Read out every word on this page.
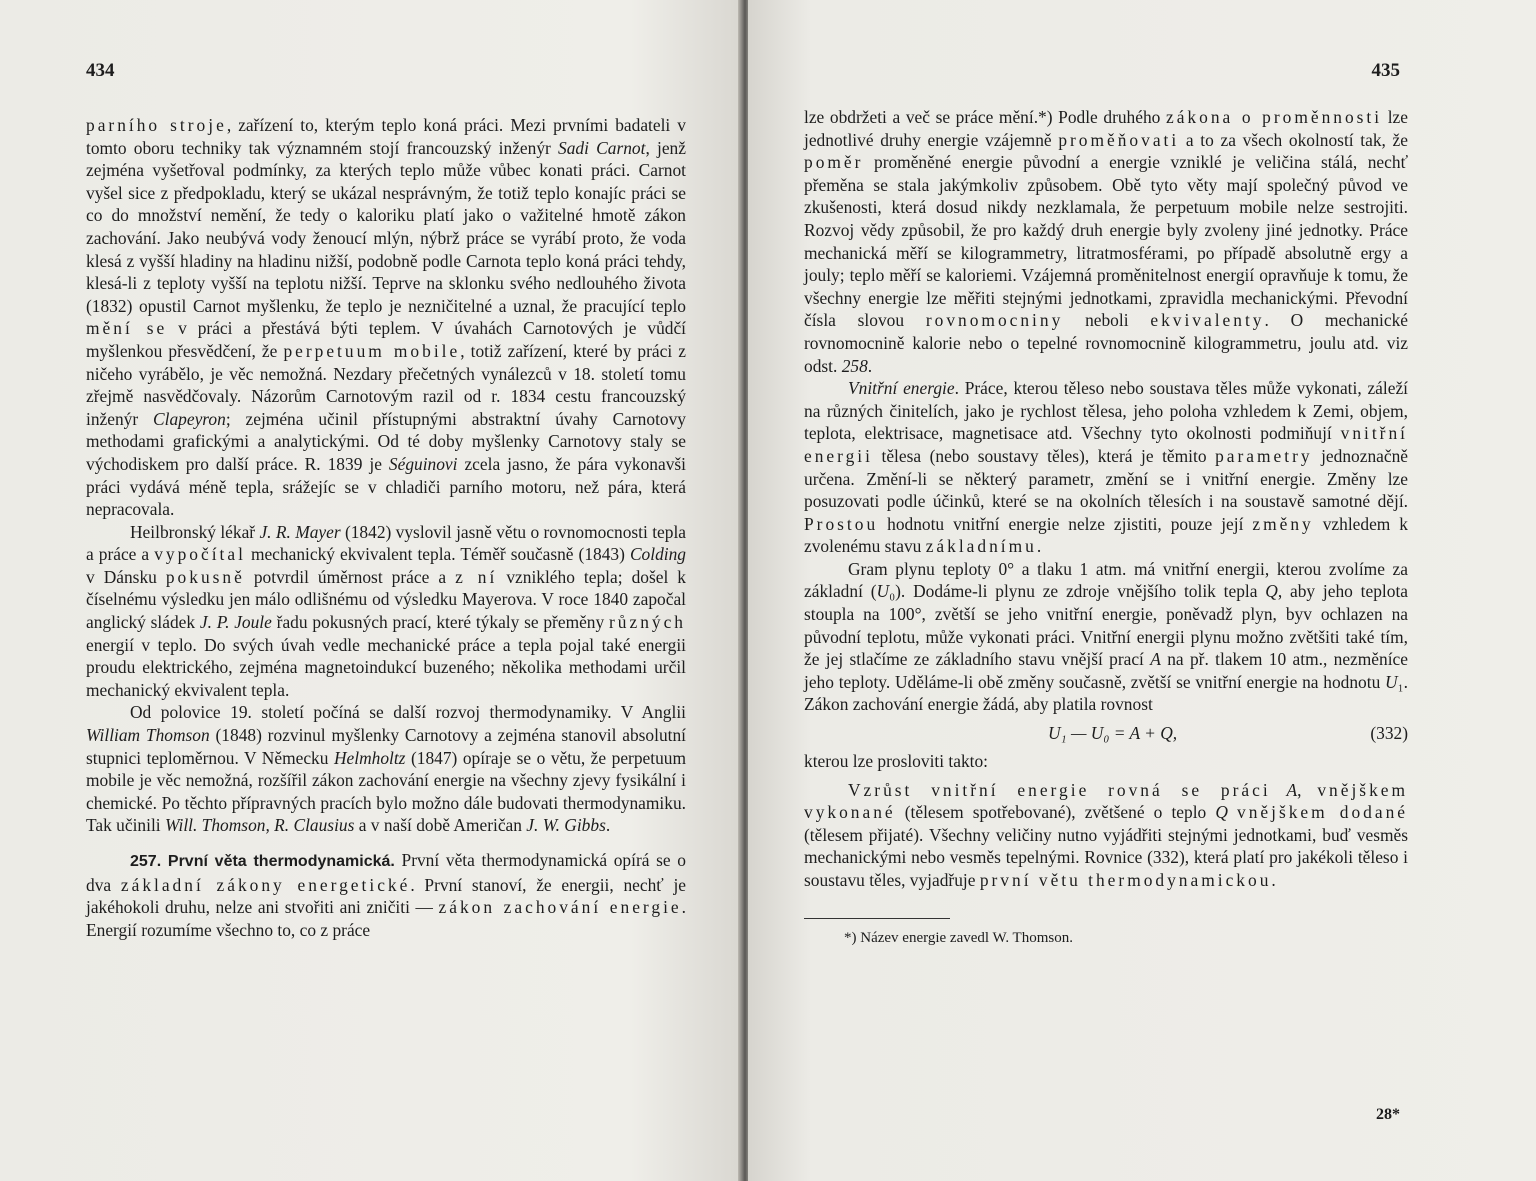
434

parního stroje, zařízení to, kterým teplo koná práci. Mezi prvními badateli v tomto oboru techniky tak významném stojí francouzský inženýr Sadi Carnot, jenž zejména vyšetřoval podmínky, za kterých teplo může vůbec konati práci. Carnot vyšel sice z předpokladu, který se ukázal nesprávným, že totiž teplo konajíc práci se co do množství nemění, že tedy o kaloriku platí jako o važitelné hmotě zákon zachování. Jako neubývá vody ženoucí mlýn, nýbrž práce se vyrábí proto, že voda klesá z vyšší hladiny na hladinu nižší, podobně podle Carnota teplo koná práci tehdy, klesá-li z teploty vyšší na teplotu nižší. Teprve na sklonku svého nedlouhého života (1832) opustil Carnot myšlenku, že teplo je nezničitelné a uznal, že pracující teplo mění se v práci a přestává býti teplem. V úvahách Carnotových je vůdčí myšlenkou přesvědčení, že perpetuum mobile, totiž zařízení, které by práci z ničeho vyrábělo, je věc nemožná. Nezdary přečetných vynálezců v 18. století tomu zřejmě nasvědčovaly. Názorům Carnotovým razil od r. 1834 cestu francouzský inženýr Clapeyron; zejména učinil přístupnými abstraktní úvahy Carnotovy methodami grafickými a analytickými. Od té doby myšlenky Carnotovy staly se východiskem pro další práce. R. 1839 je Séguinovi zcela jasno, že pára vykonavši práci vydává méně tepla, srážejíc se v chladiči parního motoru, než pára, která nepracovala.

Heilbronský lékař J. R. Mayer (1842) vyslovil jasně větu o rovnomocnosti tepla a práce a vypočítal mechanický ekvivalent tepla. Téměř současně (1843) Colding v Dánsku pokusně potvrdil úměrnost práce a z ní vzniklého tepla; došel k číselnému výsledku jen málo odlišnému od výsledku Mayerova. V roce 1840 započal anglický sládek J. P. Joule řadu pokusných prací, které týkaly se přeměny různých energií v teplo. Do svých úvah vedle mechanické práce a tepla pojal také energii proudu elektrického, zejména magnetoindukcí buzeného; několika methodami určil mechanický ekvivalent tepla.

Od polovice 19. století počíná se další rozvoj thermodynamiky. V Anglii William Thomson (1848) rozvinul myšlenky Carnotovy a zejména stanovil absolutní stupnici teploměrnou. V Německu Helmholtz (1847) opíraje se o větu, že perpetuum mobile je věc nemožná, rozšířil zákon zachování energie na všechny zjevy fysikální i chemické. Po těchto přípravných pracích bylo možno dále budovati thermodynamiku. Tak učinili Will. Thomson, R. Clausius a v naší době Američan J. W. Gibbs.

257. První věta thermodynamická. První věta thermodynamická opírá se o dva základní zákony energetické. První stanoví, že energii, nechť je jakéhokoli druhu, nelze ani stvořiti ani zničiti — zákon zachování energie. Energií rozumíme všechno to, co z práce

435

lze obdržeti a več se práce mění.*) Podle druhého zákona o proměnnosti lze jednotlivé druhy energie vzájemně proměňovati a to za všech okolností tak, že poměr proměněné energie původní a energie vzniklé je veličina stálá, nechť přeměna se stala jakýmkoliv způsobem. Obě tyto věty mají společný původ ve zkušenosti, která dosud nikdy nezklamala, že perpetuum mobile nelze sestrojiti. Rozvoj vědy způsobil, že pro každý druh energie byly zvoleny jiné jednotky. Práce mechanická měří se kilogrammetry, litratmosférami, po případě absolutně ergy a jouly; teplo měří se kaloriemi. Vzájemná proměnitelnost energií opravňuje k tomu, že všechny energie lze měřiti stejnými jednotkami, zpravidla mechanickými. Převodní čísla slovou rovnomocniny neboli ekvivalenty. O mechanické rovnomocnině kalorie nebo o tepelné rovnomocnině kilogrammetru, joulu atd. viz odst. 258.

Vnitřní energie. Práce, kterou těleso nebo soustava těles může vykonati, záleží na různých činitelích, jako je rychlost tělesa, jeho poloha vzhledem k Zemi, objem, teplota, elektrisace, magnetisace atd. Všechny tyto okolnosti podmiňují vnitřní energii tělesa (nebo soustavy těles), která je těmito parametry jednoznačně určena. Změní-li se některý parametr, změní se i vnitřní energie. Změny lze posuzovati podle účinků, které se na okolních tělesích i na soustavě samotné dějí. Prostou hodnotu vnitřní energie nelze zjistiti, pouze její změny vzhledem k zvolenému stavu základnímu.

Gram plynu teploty 0° a tlaku 1 atm. má vnitřní energii, kterou zvolíme za základní (U₀). Dodáme-li plynu ze zdroje vnějšího tolik tepla Q, aby jeho teplota stoupla na 100°, zvětší se jeho vnitřní energie, poněvadž plyn, byv ochlazen na původní teplotu, může vykonati práci. Vnitřní energii plynu možno zvětšiti také tím, že jej stlačíme ze základního stavu vnější prací A na př. tlakem 10 atm., nezměníce jeho teploty. Uděláme-li obě změny současně, zvětší se vnitřní energie na hodnotu U₁. Zákon zachování energie žádá, aby platila rovnost

U₁ — U₀ = A + Q,	(332)

kterou lze prosloviti takto:

Vzrůst vnitřní energie rovná se práci A, vnějškem vykonané (tělesem spotřebované), zvětšené o teplo Q vnějškem dodané (tělesem přijaté). Všechny veličiny nutno vyjádřiti stejnými jednotkami, buď vesměs mechanickými nebo vesměs tepelnými. Rovnice (332), která platí pro jakékoli těleso i soustavu těles, vyjadřuje první větu thermodynamickou.

*) Název energie zavedl W. Thomson.
28*
